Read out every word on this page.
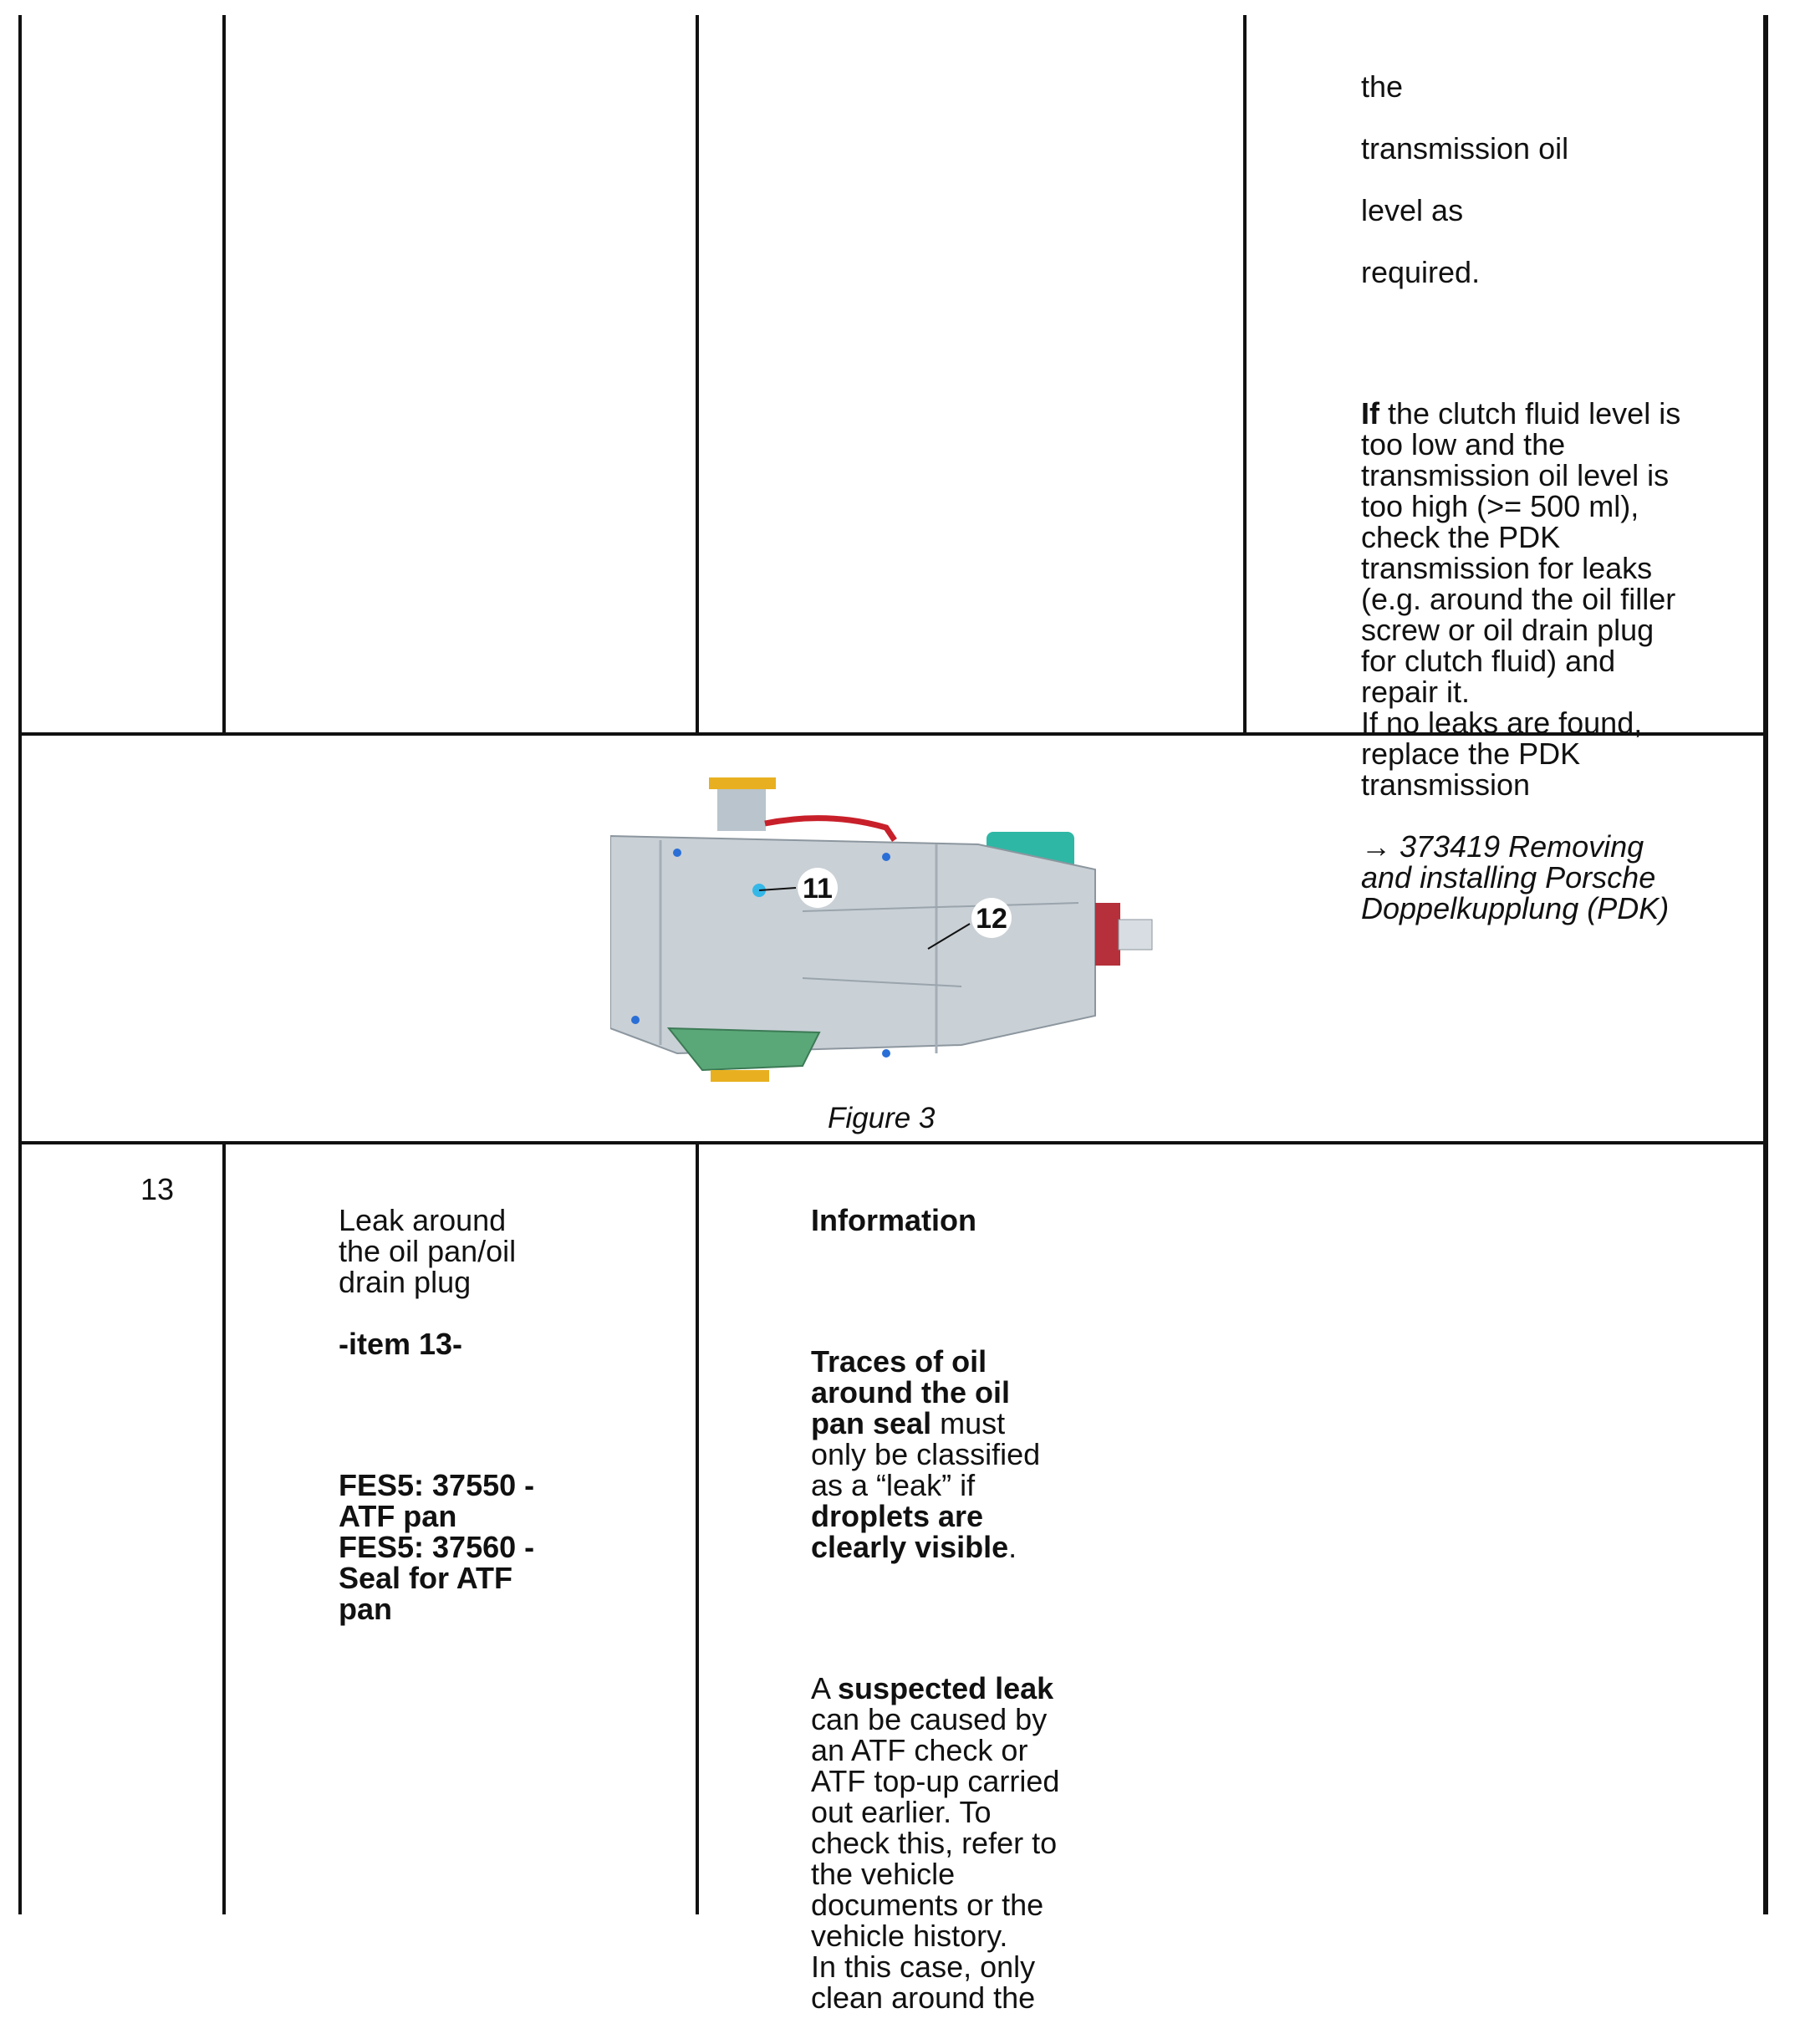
the

transmission oil

level as

required.

If the clutch fluid level is
too low and the
transmission oil level is
too high (>= 500 ml),
check the PDK
transmission for leaks
(e.g. around the oil filler
screw or oil drain plug
for clutch fluid) and
repair it.
If no leaks are found,
replace the PDK
transmission

→ 373419 Removing
and installing Porsche
Doppelkupplung (PDK)

11
12
Figure 3
13

Leak around
the oil pan/oil
drain plug

-item 13-

FES5: 37550 -
ATF pan
FES5: 37560 -
Seal for ATF
pan

Information

Traces of oil
around the oil
pan seal must
only be classified
as a “leak” if
droplets are
clearly visible.

A suspected leak
can be caused by
an ATF check or
ATF top-up carried
out earlier. To
check this, refer to
the vehicle
documents or the
vehicle history.
In this case, only
clean around the
